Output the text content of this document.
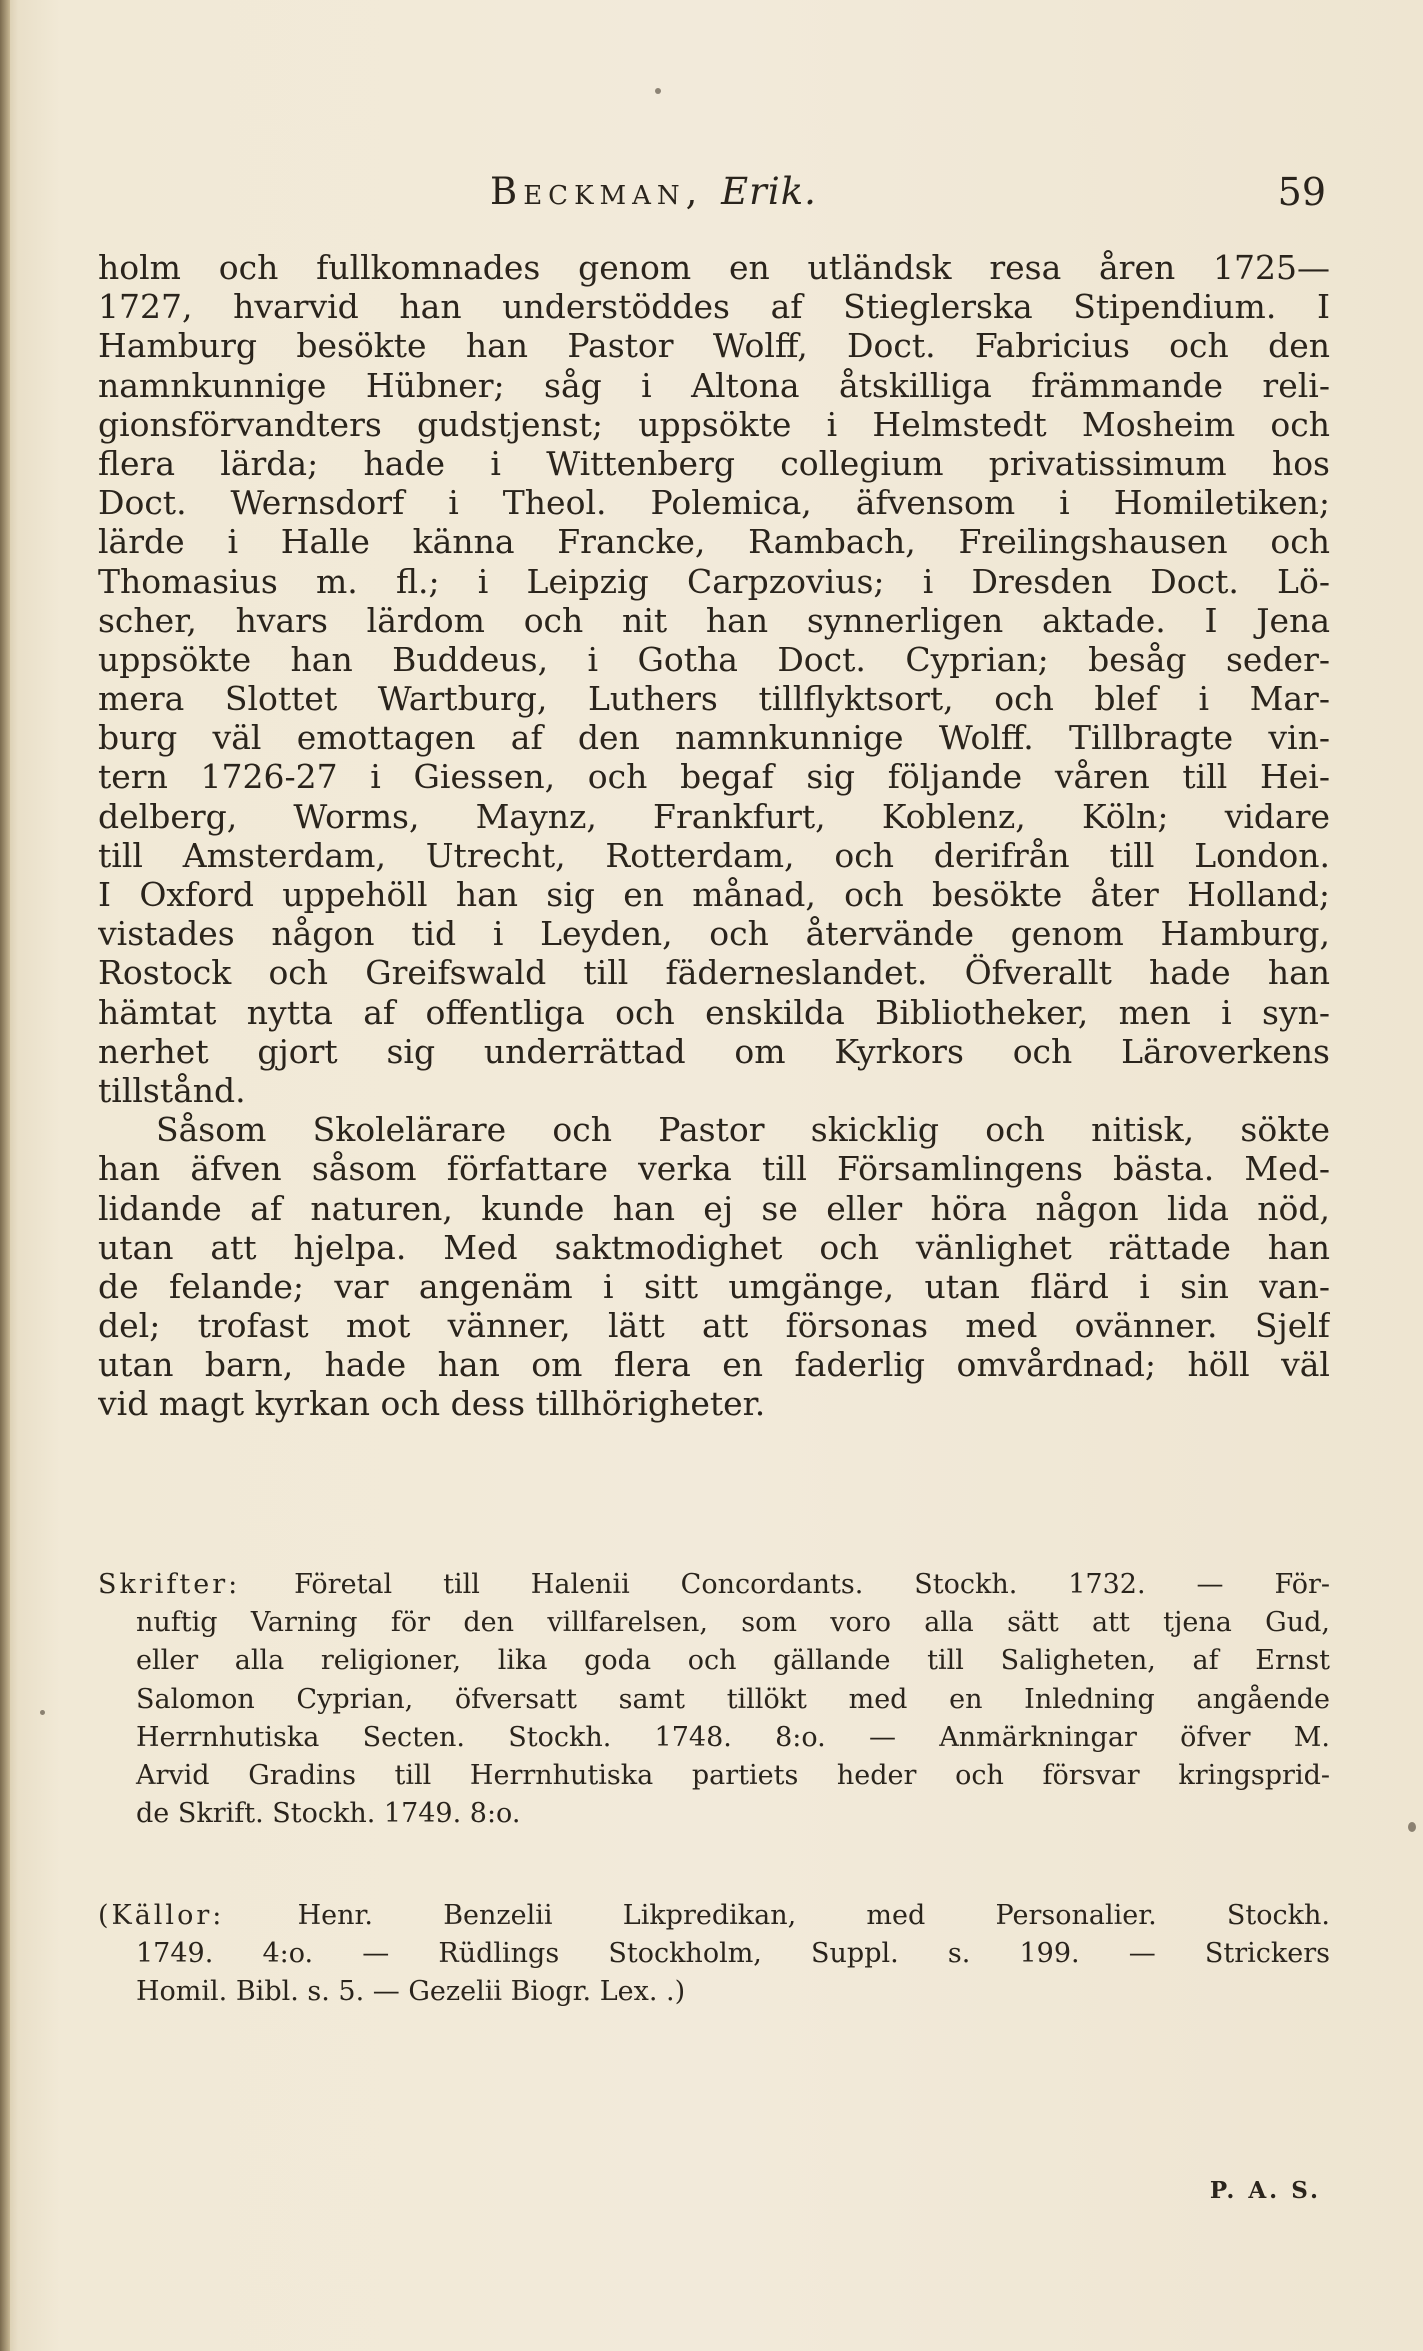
Beckman, Erik.	59
holm och fullkomnades genom en utländsk resa åren 1725—
1727, hvarvid han understöddes af Stieglerska Stipendium. I
Hamburg besökte han Pastor Wolff, Doct. Fabricius och den
namnkunnige Hübner; såg i Altona åtskilliga främmande reli-
gionsförvandters gudstjenst; uppsökte i Helmstedt Mosheim och
flera lärda; hade i Wittenberg collegium privatissimum hos
Doct. Wernsdorf i Theol. Polemica, äfvensom i Homiletiken;
lärde i Halle känna Francke, Rambach, Freilingshausen och
Thomasius m. fl.; i Leipzig Carpzovius; i Dresden Doct. Lö-
scher, hvars lärdom och nit han synnerligen aktade. I Jena
uppsökte han Buddeus, i Gotha Doct. Cyprian; besåg seder-
mera Slottet Wartburg, Luthers tillflyktsort, och blef i Mar-
burg väl emottagen af den namnkunnige Wolff. Tillbragte vin-
tern 1726-27 i Giessen, och begaf sig följande våren till Hei-
delberg, Worms, Maynz, Frankfurt, Koblenz, Köln; vidare
till Amsterdam, Utrecht, Rotterdam, och derifrån till London.
I Oxford uppehöll han sig en månad, och besökte åter Holland;
vistades någon tid i Leyden, och återvände genom Hamburg,
Rostock och Greifswald till fäderneslandet. Öfverallt hade han
hämtat nytta af offentliga och enskilda Bibliotheker, men i syn-
nerhet gjort sig underrättad om Kyrkors och Läroverkens
tillstånd.
Såsom Skolelärare och Pastor skicklig och nitisk, sökte
han äfven såsom författare verka till Församlingens bästa. Med-
lidande af naturen, kunde han ej se eller höra någon lida nöd,
utan att hjelpa. Med saktmodighet och vänlighet rättade han
de felande; var angenäm i sitt umgänge, utan flärd i sin van-
del; trofast mot vänner, lätt att försonas med ovänner. Sjelf
utan barn, hade han om flera en faderlig omvårdnad; höll väl
vid magt kyrkan och dess tillhörigheter.
Skrifter: Företal till Halenii Concordants. Stockh. 1732. — För-
nuftig Varning för den villfarelsen, som voro alla sätt att tjena Gud,
eller alla religioner, lika goda och gällande till Saligheten, af Ernst
Salomon Cyprian, öfversatt samt tillökt med en Inledning angående
Herrnhutiska Secten. Stockh. 1748. 8:o. — Anmärkningar öfver M.
Arvid Gradins till Herrnhutiska partiets heder och försvar kringsprid-
de Skrift. Stockh. 1749. 8:o.
(Källor: Henr. Benzelii Likpredikan, med Personalier. Stockh.
1749. 4:o. — Rüdlings Stockholm, Suppl. s. 199. — Strickers
Homil. Bibl. s. 5. — Gezelii Biogr. Lex. .)
P. A. S.
